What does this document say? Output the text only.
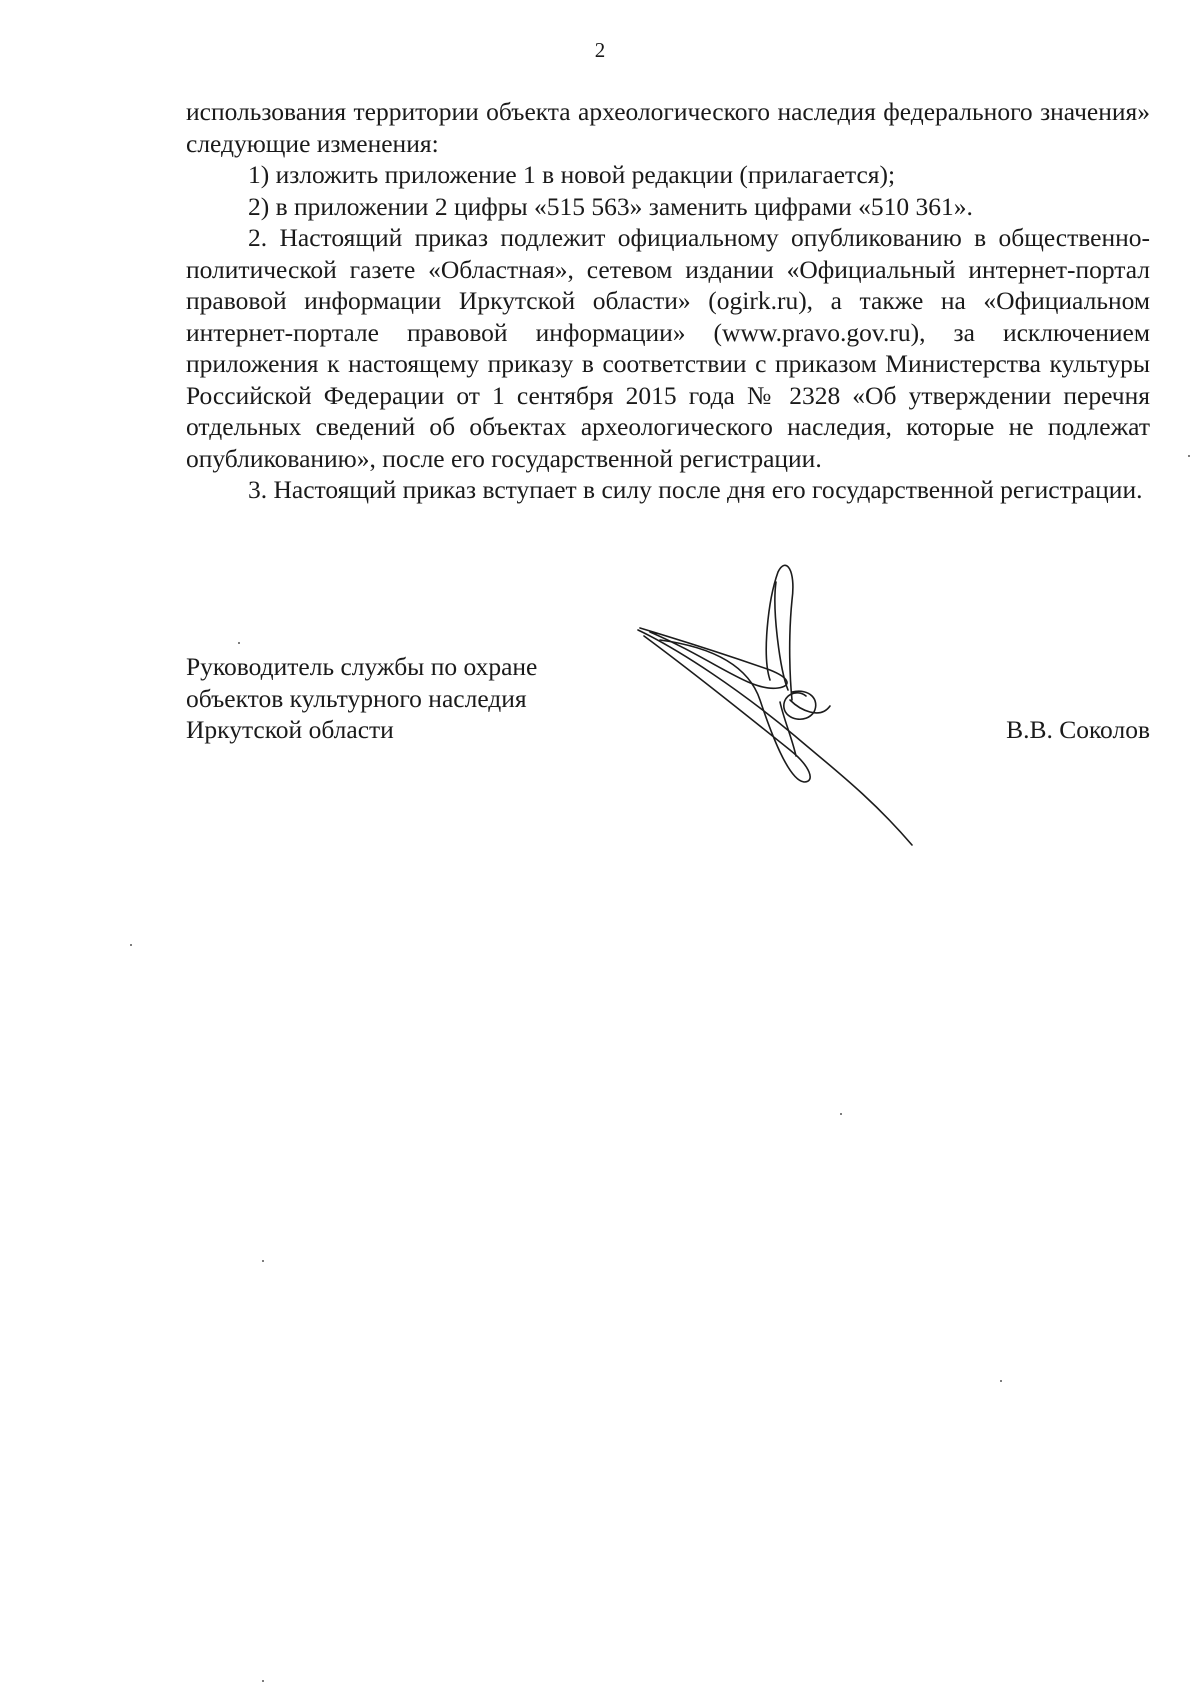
2

использования территории объекта археологического наследия федерального значения» следующие изменения:

1) изложить приложение 1 в новой редакции (прилагается);

2) в приложении 2 цифры «515 563» заменить цифрами «510 361».

2. Настоящий приказ подлежит официальному опубликованию в общественно-политической газете «Областная», сетевом издании «Официальный интернет-портал правовой информации Иркутской области» (ogirk.ru), а также на «Официальном интернет-портале правовой информации» (www.pravo.gov.ru), за исключением приложения к настоящему приказу в соответствии с приказом Министерства культуры Российской Федерации от 1 сентября 2015 года № 2328 «Об утверждении перечня отдельных сведений об объектах археологического наследия, которые не подлежат опубликованию», после его государственной регистрации.

3. Настоящий приказ вступает в силу после дня его государственной регистрации.

Руководитель службы по охране
объектов культурного наследия
Иркутской области	В.В. Соколов
